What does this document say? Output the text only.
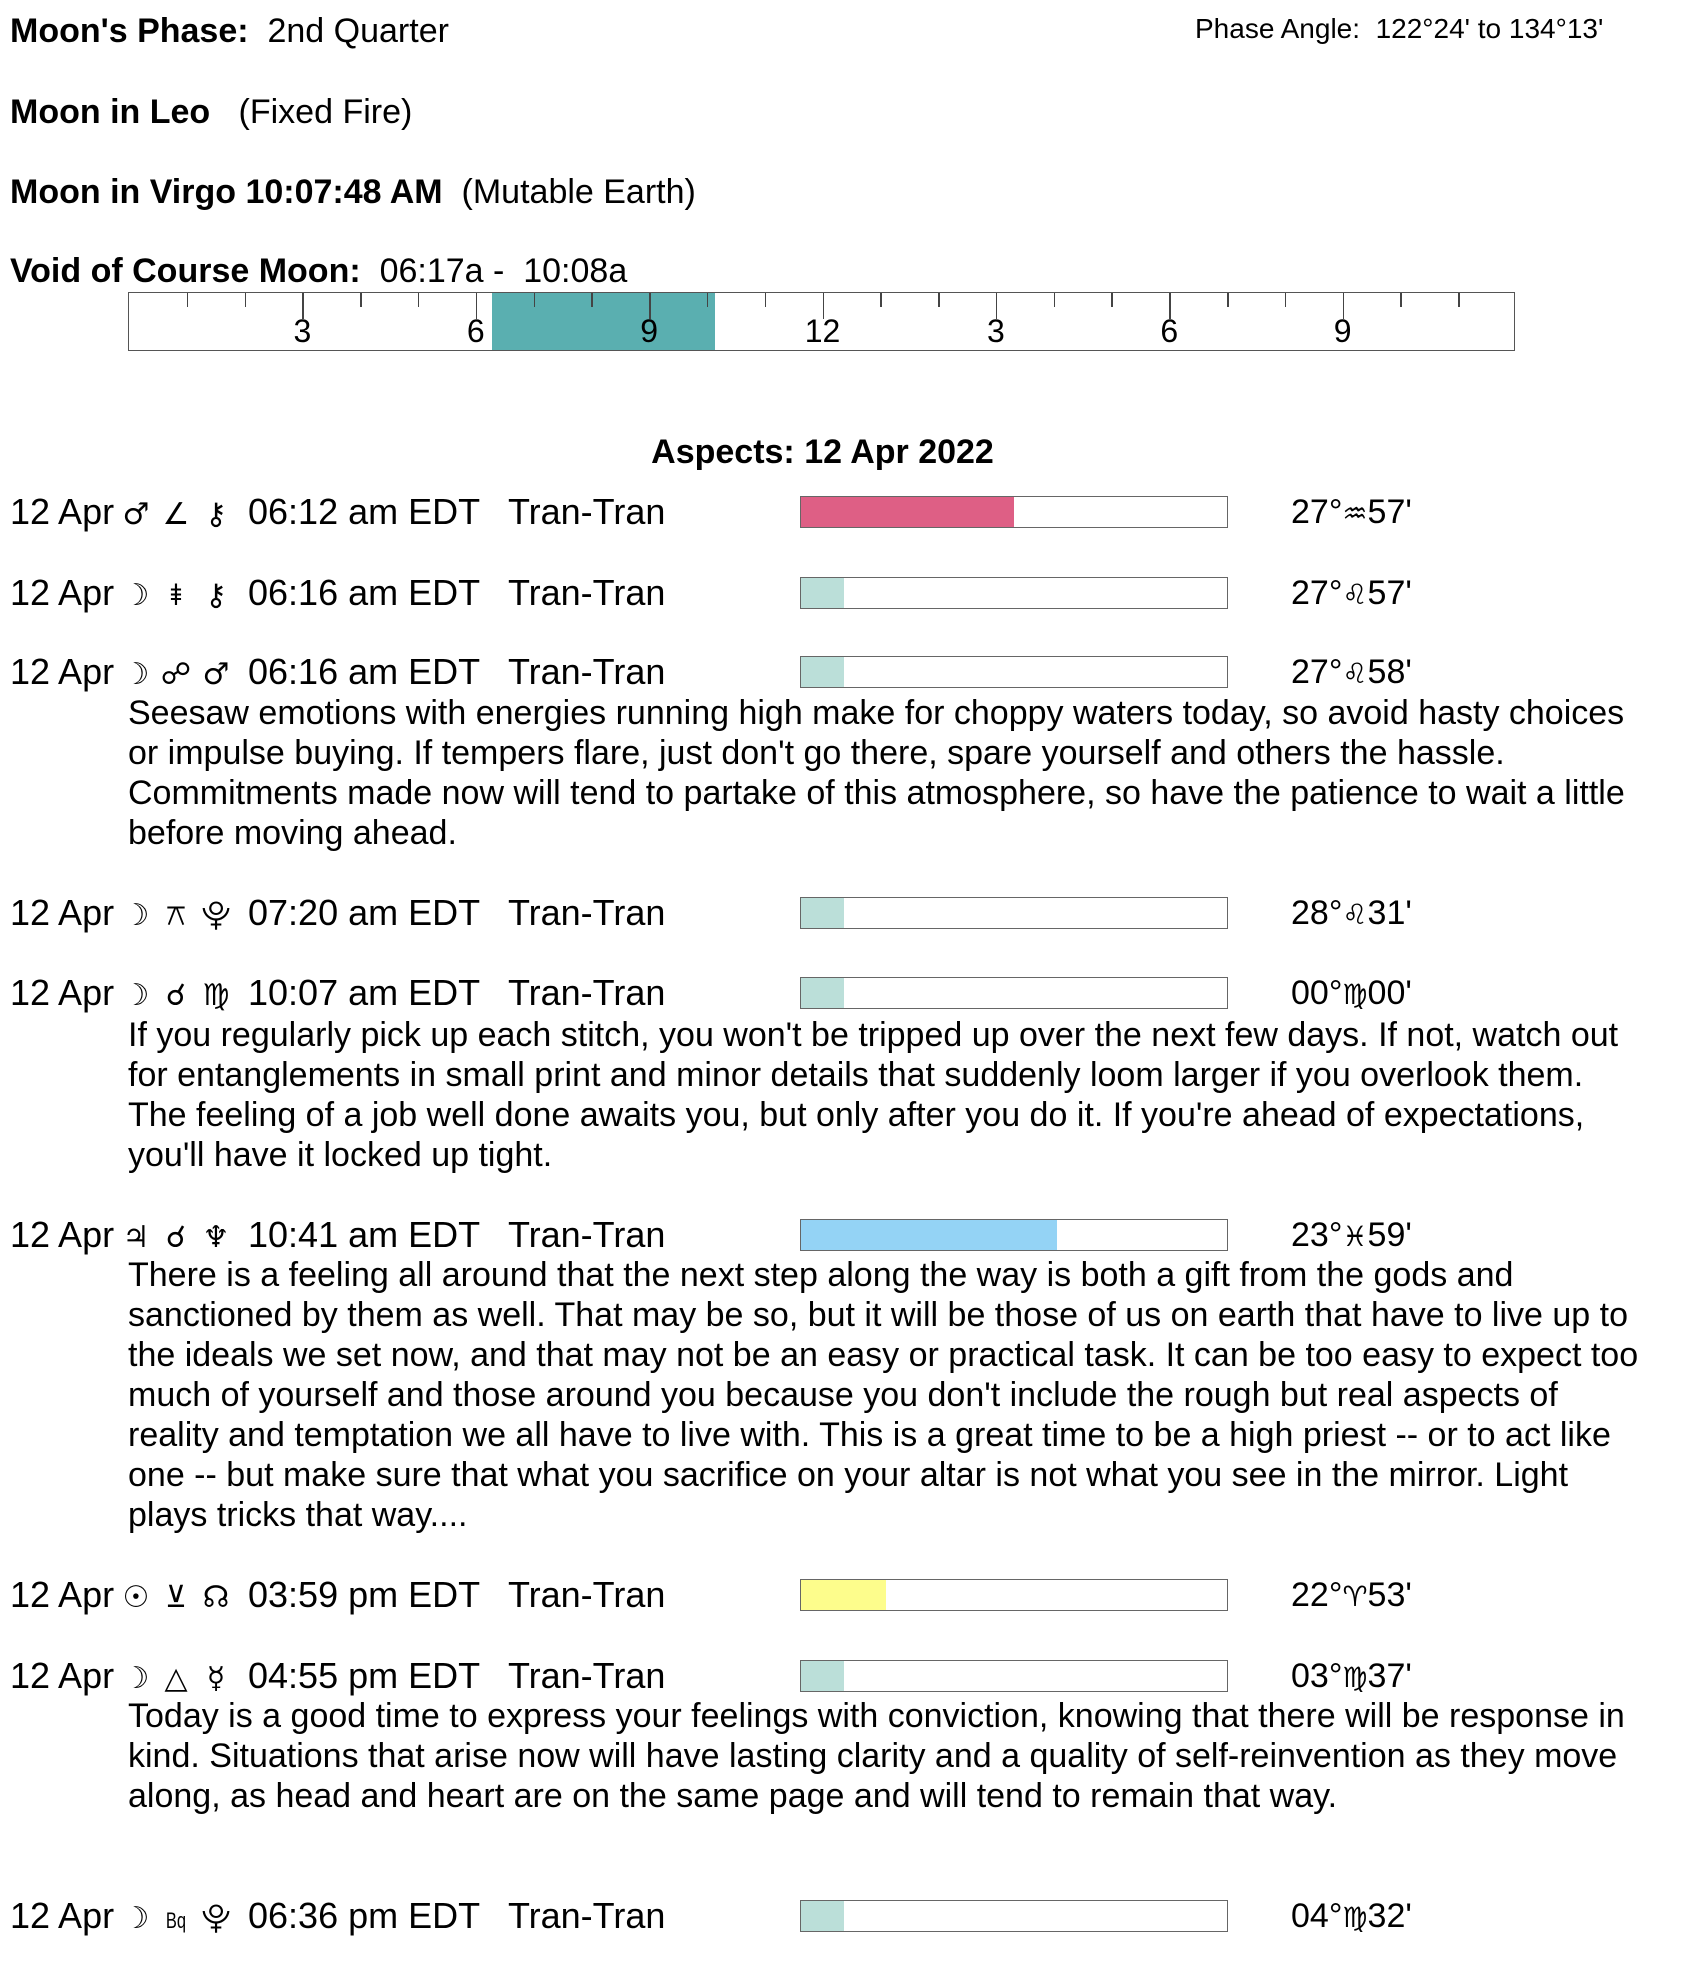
Moon's Phase: 2nd Quarter	Phase Angle: 122°24' to 134°13'
Moon in Leo (Fixed Fire)
Moon in Virgo 10:07:48 AM (Mutable Earth)
Void of Course Moon: 06:17a -  10:08a
3	6	9	12	3	6	9
Aspects: 12 Apr 2022
12 Apr ♂ ∠ ⚷ 06:12 am EDT Tran-Tran	27°♒57'
12 Apr ☽ ⯒ ⚷ 06:16 am EDT Tran-Tran	27°♌57'
12 Apr ☽ ☍ ♂ 06:16 am EDT Tran-Tran	27°♌58'
Seesaw emotions with energies running high make for choppy waters today, so avoid hasty choices or impulse buying. If tempers flare, just don't go there, spare yourself and others the hassle. Commitments made now will tend to partake of this atmosphere, so have the patience to wait a little before moving ahead.
12 Apr ☽ ⚻ ⯓ 07:20 am EDT Tran-Tran	28°♌31'
12 Apr ☽ ☌ ♍ 10:07 am EDT Tran-Tran	00°♍00'
If you regularly pick up each stitch, you won't be tripped up over the next few days. If not, watch out for entanglements in small print and minor details that suddenly loom larger if you overlook them. The feeling of a job well done awaits you, but only after you do it. If you're ahead of expectations, you'll have it locked up tight.
12 Apr ♃ ☌ ♆ 10:41 am EDT Tran-Tran	23°♓59'
There is a feeling all around that the next step along the way is both a gift from the gods and sanctioned by them as well. That may be so, but it will be those of us on earth that have to live up to the ideals we set now, and that may not be an easy or practical task. It can be too easy to expect too much of yourself and those around you because you don't include the rough but real aspects of reality and temptation we all have to live with. This is a great time to be a high priest -- or to act like one -- but make sure that what you sacrifice on your altar is not what you see in the mirror. Light plays tricks that way....
12 Apr ☉ ⊻ ☊ 03:59 pm EDT Tran-Tran	22°♈53'
12 Apr ☽ △ ☿ 04:55 pm EDT Tran-Tran	03°♍37'
Today is a good time to express your feelings with conviction, knowing that there will be response in kind. Situations that arise now will have lasting clarity and a quality of self-reinvention as they move along, as head and heart are on the same page and will tend to remain that way.
12 Apr ☽ Bq ⯓ 06:36 pm EDT Tran-Tran	04°♍32'
